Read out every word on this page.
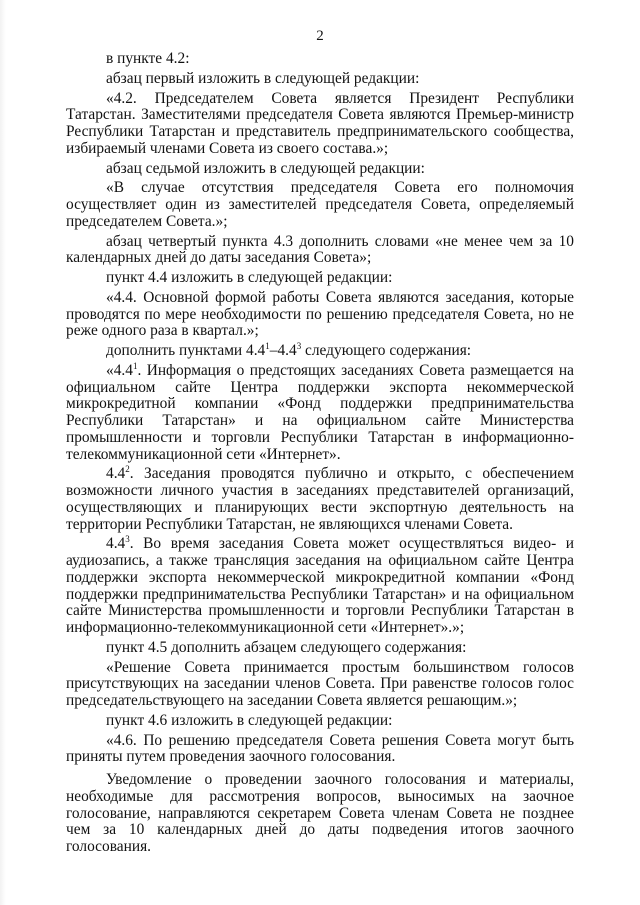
2

в пункте 4.2:

абзац первый изложить в следующей редакции:

«4.2. Председателем Совета является Президент Республики Татарстан. Заместителями председателя Совета являются Премьер-министр Республики Татарстан и представитель предпринимательского сообщества, избираемый членами Совета из своего состава.»;

абзац седьмой изложить в следующей редакции:

«В случае отсутствия председателя Совета его полномочия осуществляет один из заместителей председателя Совета, определяемый председателем Совета.»;

абзац четвертый пункта 4.3 дополнить словами «не менее чем за 10 календарных дней до даты заседания Совета»;

пункт 4.4 изложить в следующей редакции:

«4.4. Основной формой работы Совета являются заседания, которые проводятся по мере необходимости по решению председателя Совета, но не реже одного раза в квартал.»;

дополнить пунктами $4.4^1-4.4^3$ следующего содержания:

«$4.4^1$. Информация о предстоящих заседаниях Совета размещается на официальном сайте Центра поддержки экспорта некоммерческой микрокредитной компании «Фонд поддержки предпринимательства Республики Татарстан» и на официальном сайте Министерства промышленности и торговли Республики Татарстан в информационно-телекоммуникационной сети «Интернет».

$4.4^2$. Заседания проводятся публично и открыто, с обеспечением возможности личного участия в заседаниях представителей организаций, осуществляющих и планирующих вести экспортную деятельность на территории Республики Татарстан, не являющихся членами Совета.

$4.4^3$. Во время заседания Совета может осуществляться видео- и аудиозапись, а также трансляция заседания на официальном сайте Центра поддержки экспорта некоммерческой микрокредитной компании «Фонд поддержки предпринимательства Республики Татарстан» и на официальном сайте Министерства промышленности и торговли Республики Татарстан в информационно-телекоммуникационной сети «Интернет».»;

пункт 4.5 дополнить абзацем следующего содержания:

«Решение Совета принимается простым большинством голосов присутствующих на заседании членов Совета. При равенстве голосов голос председательствующего на заседании Совета является решающим.»;

пункт 4.6 изложить в следующей редакции:

«4.6. По решению председателя Совета решения Совета могут быть приняты путем проведения заочного голосования.

Уведомление о проведении заочного голосования и материалы, необходимые для рассмотрения вопросов, выносимых на заочное голосование, направляются секретарем Совета членам Совета не позднее чем за 10 календарных дней до даты подведения итогов заочного голосования.
